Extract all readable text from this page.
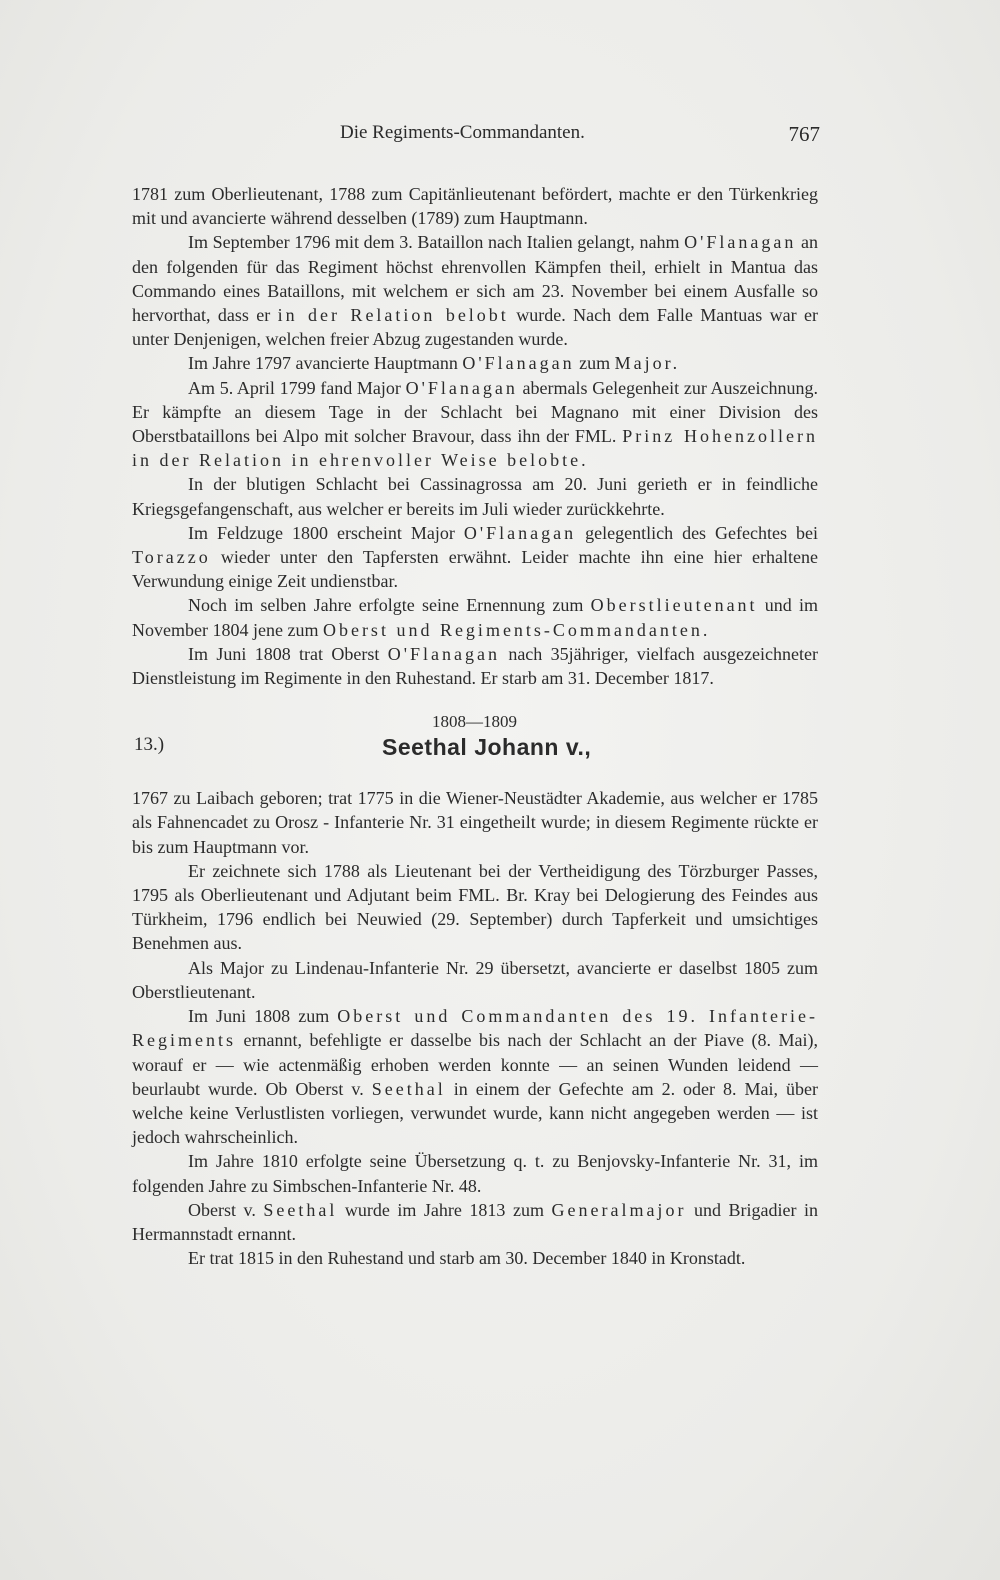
Die Regiments-Commandanten.	767

1781 zum Oberlieutenant, 1788 zum Capitänlieutenant befördert, machte er den Türkenkrieg mit und avancierte während desselben (1789) zum Hauptmann.

Im September 1796 mit dem 3. Bataillon nach Italien gelangt, nahm O'Flanagan an den folgenden für das Regiment höchst ehrenvollen Kämpfen theil, erhielt in Mantua das Commando eines Bataillons, mit welchem er sich am 23. November bei einem Ausfalle so hervorthat, dass er in der Relation belobt wurde. Nach dem Falle Mantuas war er unter Denjenigen, welchen freier Abzug zugestanden wurde.

Im Jahre 1797 avancierte Hauptmann O'Flanagan zum Major.

Am 5. April 1799 fand Major O'Flanagan abermals Gelegenheit zur Auszeichnung. Er kämpfte an diesem Tage in der Schlacht bei Magnano mit einer Division des Oberstbataillons bei Alpo mit solcher Bravour, dass ihn der FML. Prinz Hohenzollern in der Relation in ehrenvoller Weise belobte.

In der blutigen Schlacht bei Cassinagrossa am 20. Juni gerieth er in feindliche Kriegsgefangenschaft, aus welcher er bereits im Juli wieder zurückkehrte.

Im Feldzuge 1800 erscheint Major O'Flanagan gelegentlich des Gefechtes bei Torazzo wieder unter den Tapfersten erwähnt. Leider machte ihn eine hier erhaltene Verwundung einige Zeit undienstbar.

Noch im selben Jahre erfolgte seine Ernennung zum Oberstlieutenant und im November 1804 jene zum Oberst und Regiments-Commandanten.

Im Juni 1808 trat Oberst O'Flanagan nach 35jähriger, vielfach ausgezeichneter Dienstleistung im Regimente in den Ruhestand. Er starb am 31. December 1817.

13.)
1808—1809
Seethal Johann v.,

1767 zu Laibach geboren; trat 1775 in die Wiener-Neustädter Akademie, aus welcher er 1785 als Fahnencadet zu Orosz - Infanterie Nr. 31 eingetheilt wurde; in diesem Regimente rückte er bis zum Hauptmann vor.

Er zeichnete sich 1788 als Lieutenant bei der Vertheidigung des Törzburger Passes, 1795 als Oberlieutenant und Adjutant beim FML. Br. Kray bei Delogierung des Feindes aus Türkheim, 1796 endlich bei Neuwied (29. September) durch Tapferkeit und umsichtiges Benehmen aus.

Als Major zu Lindenau-Infanterie Nr. 29 übersetzt, avancierte er daselbst 1805 zum Oberstlieutenant.

Im Juni 1808 zum Oberst und Commandanten des 19. Infanterie-Regiments ernannt, befehligte er dasselbe bis nach der Schlacht an der Piave (8. Mai), worauf er — wie actenmäßig erhoben werden konnte — an seinen Wunden leidend — beurlaubt wurde. Ob Oberst v. Seethal in einem der Gefechte am 2. oder 8. Mai, über welche keine Verlustlisten vorliegen, verwundet wurde, kann nicht angegeben werden — ist jedoch wahrscheinlich.

Im Jahre 1810 erfolgte seine Übersetzung q. t. zu Benjovsky-Infanterie Nr. 31, im folgenden Jahre zu Simbschen-Infanterie Nr. 48.

Oberst v. Seethal wurde im Jahre 1813 zum Generalmajor und Brigadier in Hermannstadt ernannt.

Er trat 1815 in den Ruhestand und starb am 30. December 1840 in Kronstadt.
